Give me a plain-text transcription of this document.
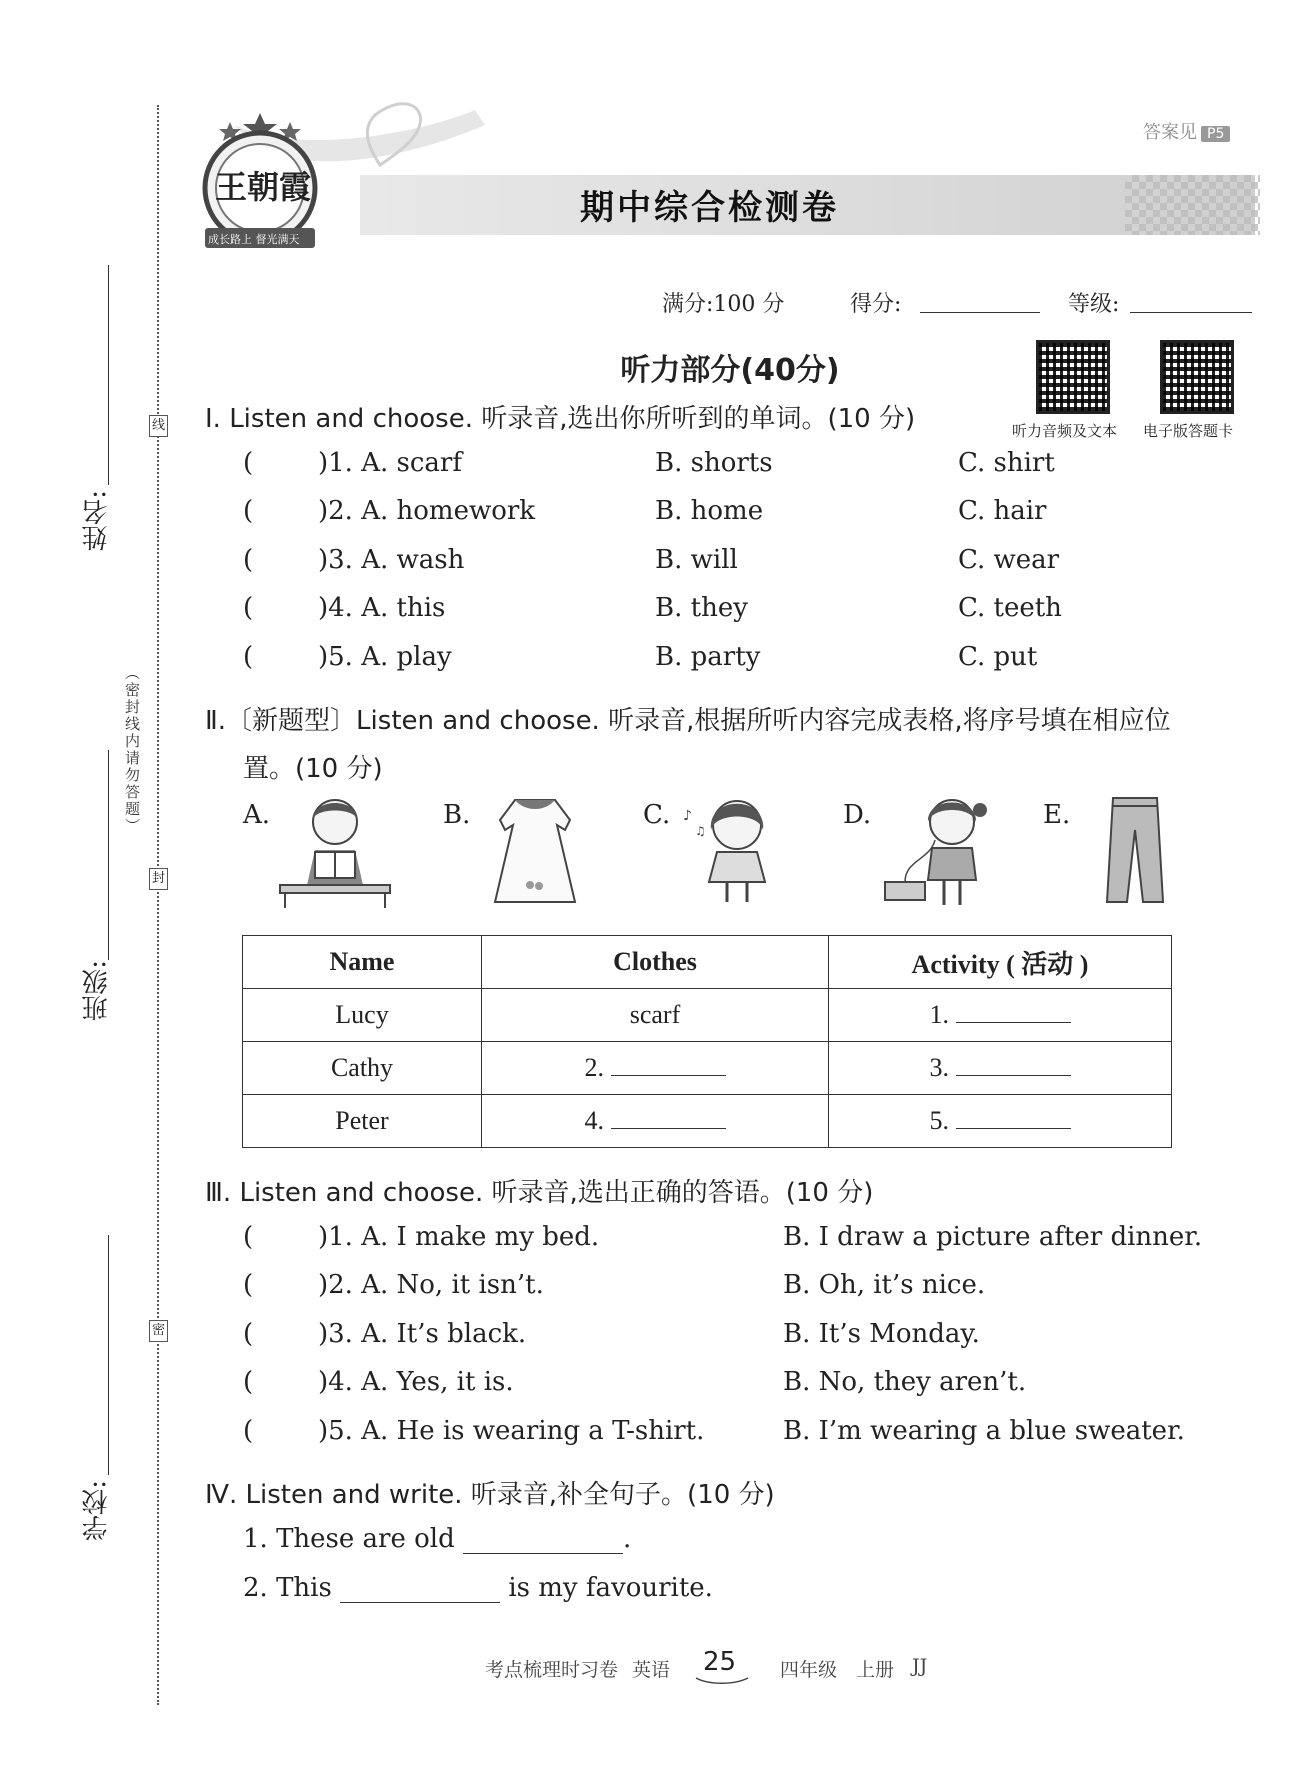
姓名:
班级:
学校:
线
封
密
（密封线内请勿答题）
王朝霞
成长路上 督光满天
期中综合检测卷
答案见 P5
满分:100 分	得分:	等级:
听力部分(40分)
听力音频及文本 电子版答题卡
Ⅰ. Listen and choose. 听录音,选出你所听到的单词。(10 分)
( )1. A. scarf	B. shorts	C. shirt
( )2. A. homework	B. home	C. hair
( )3. A. wash	B. will	C. wear
( )4. A. this	B. they	C. teeth
( )5. A. play	B. party	C. put
Ⅱ.〔新题型〕Listen and choose. 听录音,根据所听内容完成表格,将序号填在相应位
置。(10 分)
A.	B.	C. ♪
♫
D.	E.
Name	Clothes	Activity ( 活动 )
Lucy	scarf	1.
Cathy	2.	3.
Peter	4.	5.
Ⅲ. Listen and choose. 听录音,选出正确的答语。(10 分)
( )1. A. I make my bed.	B. I draw a picture after dinner.
( )2. A. No, it isn’t.	B. Oh, it’s nice.
( )3. A. It’s black.	B. It’s Monday.
( )4. A. Yes, it is.	B. No, they aren’t.
( )5. A. He is wearing a T-shirt.	B. I’m wearing a blue sweater.
Ⅳ. Listen and write. 听录音,补全句子。(10 分)
1. These are old	.
2. This	is my favourite.
考点梳理时习卷 英语 25 四年级 上册 JJ
